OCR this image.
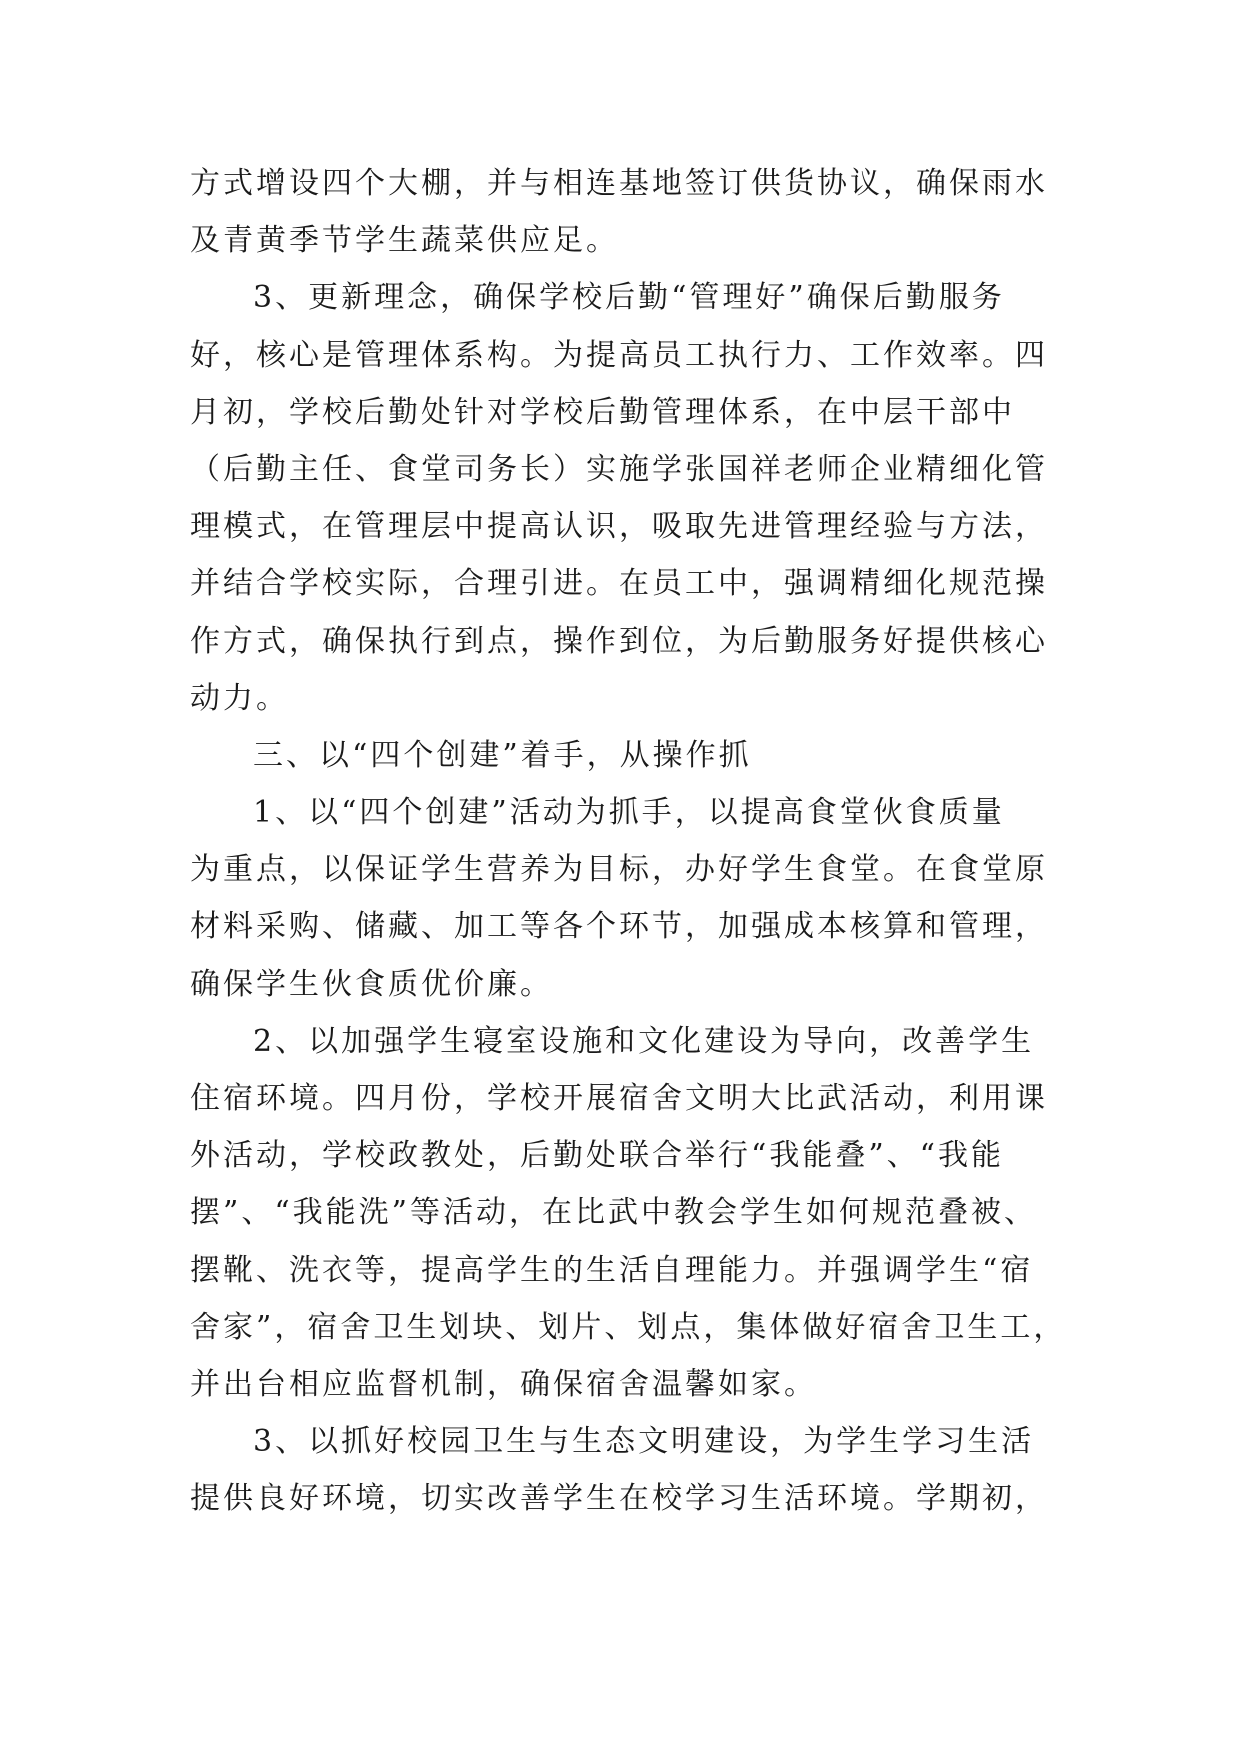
方式增设四个大棚，并与相连基地签订供货协议，确保雨水
及青黄季节学生蔬菜供应足。
3、更新理念，确保学校后勤“管理好”确保后勤服务
好，核心是管理体系构。为提高员工执行力、工作效率。四
月初，学校后勤处针对学校后勤管理体系，在中层干部中
（后勤主任、食堂司务长）实施学张国祥老师企业精细化管
理模式，在管理层中提高认识，吸取先进管理经验与方法，
并结合学校实际，合理引进。在员工中，强调精细化规范操
作方式，确保执行到点，操作到位，为后勤服务好提供核心
动力。
三、以“四个创建”着手，从操作抓
1、以“四个创建”活动为抓手，以提高食堂伙食质量
为重点，以保证学生营养为目标，办好学生食堂。在食堂原
材料采购、储藏、加工等各个环节，加强成本核算和管理，
确保学生伙食质优价廉。
2、以加强学生寝室设施和文化建设为导向，改善学生
住宿环境。四月份，学校开展宿舍文明大比武活动，利用课
外活动，学校政教处，后勤处联合举行“我能叠”、“我能
摆”、“我能洗”等活动，在比武中教会学生如何规范叠被、
摆靴、洗衣等，提高学生的生活自理能力。并强调学生“宿
舍家”，宿舍卫生划块、划片、划点，集体做好宿舍卫生工，
并出台相应监督机制，确保宿舍温馨如家。
3、以抓好校园卫生与生态文明建设，为学生学习生活
提供良好环境，切实改善学生在校学习生活环境。学期初，
